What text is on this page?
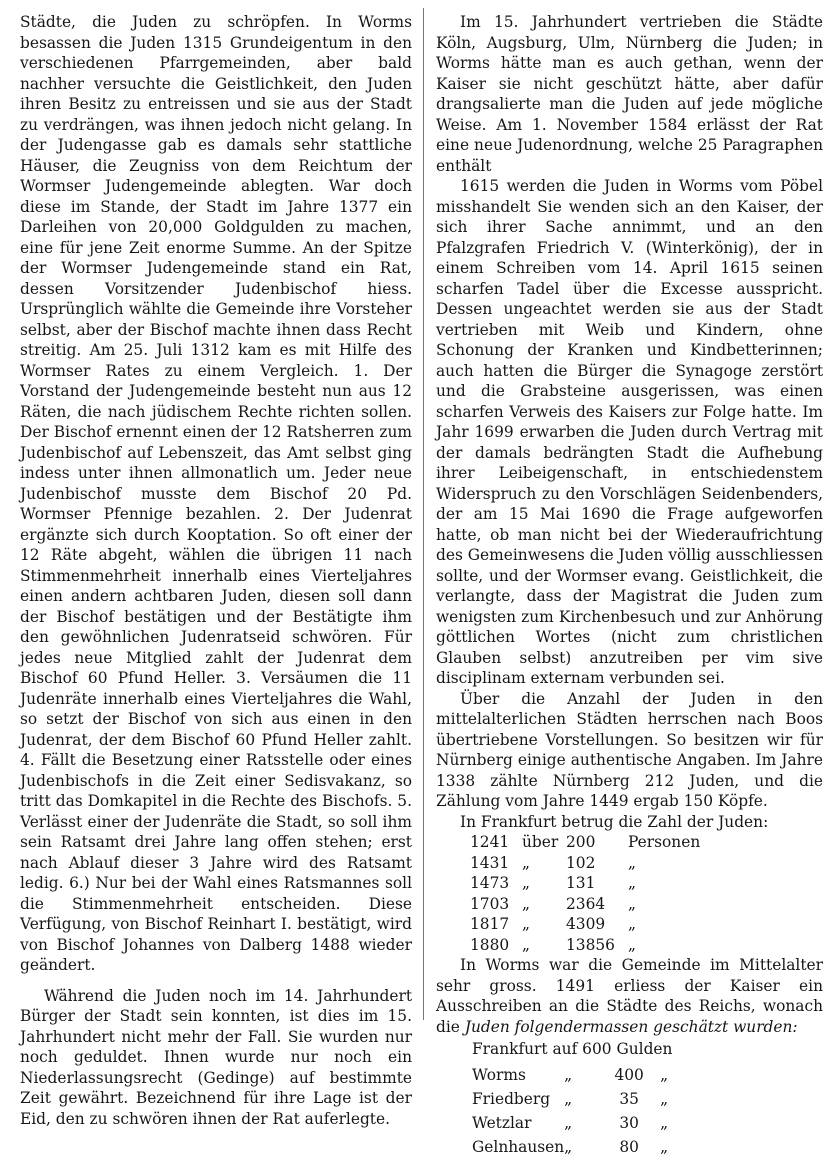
Städte, die Juden zu schröpfen. In Worms besassen die Juden 1315 Grundeigentum in den verschiedenen Pfarrgemeinden, aber bald nachher versuchte die Geistlichkeit, den Juden ihren Besitz zu entreissen und sie aus der Stadt zu verdrängen, was ihnen jedoch nicht gelang. In der Judengasse gab es damals sehr stattliche Häuser, die Zeugniss von dem Reichtum der Wormser Judengemeinde ablegten. War doch diese im Stande, der Stadt im Jahre 1377 ein Darleihen von 20,000 Goldgulden zu machen, eine für jene Zeit enorme Summe. An der Spitze der Wormser Judengemeinde stand ein Rat, dessen Vorsitzender Judenbischof hiess. Ursprünglich wählte die Gemeinde ihre Vorsteher selbst, aber der Bischof machte ihnen dass Recht streitig. Am 25. Juli 1312 kam es mit Hilfe des Wormser Rates zu einem Vergleich. 1. Der Vorstand der Judengemeinde besteht nun aus 12 Räten, die nach jüdischem Rechte richten sollen. Der Bischof ernennt einen der 12 Ratsherren zum Judenbischof auf Lebenszeit, das Amt selbst ging indess unter ihnen allmonatlich um. Jeder neue Judenbischof musste dem Bischof 20 Pd. Wormser Pfennige bezahlen. 2. Der Judenrat ergänzte sich durch Kooptation. So oft einer der 12 Räte abgeht, wählen die übrigen 11 nach Stimmenmehrheit innerhalb eines Vierteljahres einen andern achtbaren Juden, diesen soll dann der Bischof bestätigen und der Bestätigte ihm den gewöhnlichen Judenratseid schwören. Für jedes neue Mitglied zahlt der Judenrat dem Bischof 60 Pfund Heller. 3. Versäumen die 11 Judenräte innerhalb eines Vierteljahres die Wahl, so setzt der Bischof von sich aus einen in den Judenrat, der dem Bischof 60 Pfund Heller zahlt. 4. Fällt die Besetzung einer Ratsstelle oder eines Judenbischofs in die Zeit einer Sedisvakanz, so tritt das Domkapitel in die Rechte des Bischofs. 5. Verlässt einer der Judenräte die Stadt, so soll ihm sein Ratsamt drei Jahre lang offen stehen; erst nach Ablauf dieser 3 Jahre wird des Ratsamt ledig. 6.) Nur bei der Wahl eines Ratsmannes soll die Stimmenmehrheit entscheiden. Diese Verfügung, von Bischof Reinhart I. bestätigt, wird von Bischof Johannes von Dalberg 1488 wieder geändert.

Während die Juden noch im 14. Jahrhundert Bürger der Stadt sein konnten, ist dies im 15. Jahrhundert nicht mehr der Fall. Sie wurden nur noch geduldet. Ihnen wurde nur noch ein Niederlassungsrecht (Gedinge) auf bestimmte Zeit gewährt. Bezeichnend für ihre Lage ist der Eid, den zu schwören ihnen der Rat auferlegte.

Im 15. Jahrhundert vertrieben die Städte Köln, Augsburg, Ulm, Nürnberg die Juden; in Worms hätte man es auch gethan, wenn der Kaiser sie nicht geschützt hätte, aber dafür drangsalierte man die Juden auf jede mögliche Weise. Am 1. November 1584 erlässt der Rat eine neue Judenordnung, welche 25 Paragraphen enthält

1615 werden die Juden in Worms vom Pöbel misshandelt Sie wenden sich an den Kaiser, der sich ihrer Sache annimmt, und an den Pfalzgrafen Friedrich V. (Winterkönig), der in einem Schreiben vom 14. April 1615 seinen scharfen Tadel über die Excesse ausspricht. Dessen ungeachtet werden sie aus der Stadt vertrieben mit Weib und Kindern, ohne Schonung der Kranken und Kindbetterinnen; auch hatten die Bürger die Synagoge zerstört und die Grabsteine ausgerissen, was einen scharfen Verweis des Kaisers zur Folge hatte. Im Jahr 1699 erwarben die Juden durch Vertrag mit der damals bedrängten Stadt die Aufhebung ihrer Leibeigenschaft, in entschiedenstem Widerspruch zu den Vorschlägen Seidenbenders, der am 15 Mai 1690 die Frage aufgeworfen hatte, ob man nicht bei der Wiederaufrichtung des Gemeinwesens die Juden völlig ausschliessen sollte, und der Wormser evang. Geistlichkeit, die verlangte, dass der Magistrat die Juden zum wenigsten zum Kirchenbesuch und zur Anhörung göttlichen Wortes (nicht zum christlichen Glauben selbst) anzutreiben per vim sive disciplinam externam verbunden sei.

Über die Anzahl der Juden in den mittelalterlichen Städten herrschen nach Boos übertriebene Vorstellungen. So besitzen wir für Nürnberg einige authentische Angaben. Im Jahre 1338 zählte Nürnberg 212 Juden, und die Zählung vom Jahre 1449 ergab 150 Köpfe.

In Frankfurt betrug die Zahl der Juden:

1241	über	200	Personen
1431	„	102	„
1473	„	131	„
1703	„	2364	„
1817	„	4309	„
1880	„	13856	„

In Worms war die Gemeinde im Mittelalter sehr gross. 1491 erliess der Kaiser ein Ausschreiben an die Städte des Reichs, wonach die Juden folgendermassen geschätzt wurden:

Frankfurt auf 600 Gulden
Worms	„	400	„
Friedberg	„	35	„
Wetzlar	„	30	„
Gelnhausen	„	80	„
